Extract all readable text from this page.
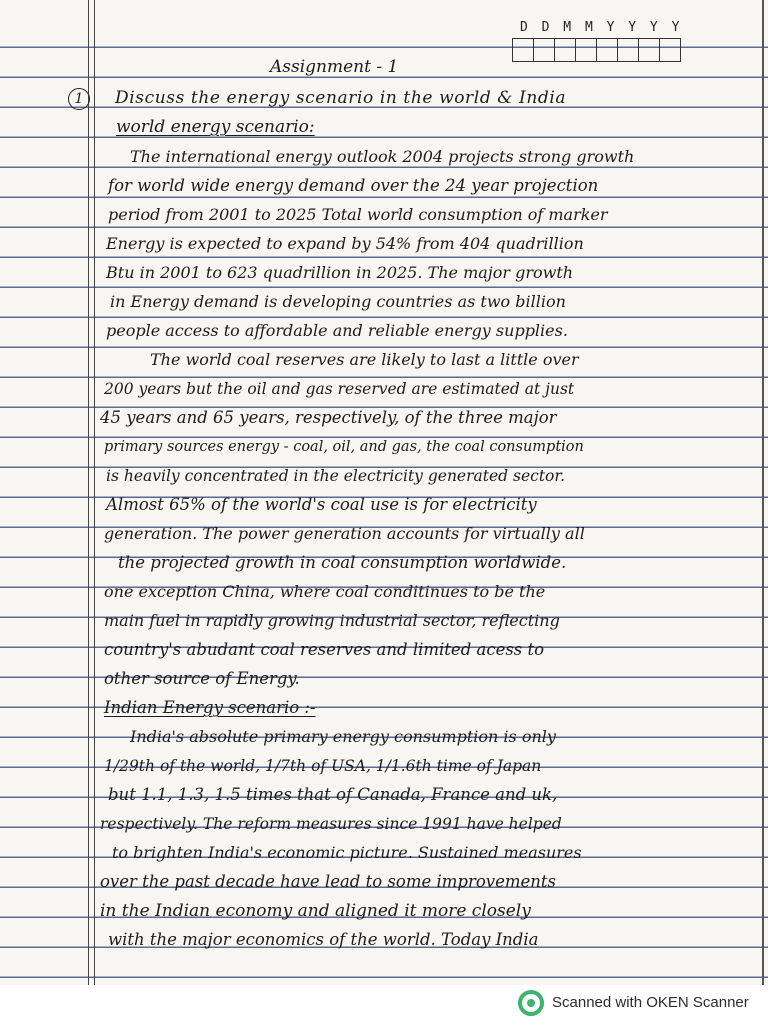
D D M M Y Y Y Y
Assignment - 1
1	Discuss the energy scenario in the world & India
world energy scenario:
The international energy outlook 2004 projects strong growth
for world wide energy demand over the 24 year projection
period from 2001 to 2025 Total world consumption of marker
Energy is expected to expand by 54% from 404 quadrillion
Btu in 2001 to 623 quadrillion in 2025. The major growth
in Energy demand is developing countries as two billion
people access to affordable and reliable energy supplies.
The world coal reserves are likely to last a little over
200 years but the oil and gas reserved are estimated at just
45 years and 65 years, respectively, of the three major
primary sources energy - coal, oil, and gas, the coal consumption
is heavily concentrated in the electricity generated sector.
Almost 65% of the world's coal use is for electricity
generation. The power generation accounts for virtually all
the projected growth in coal consumption worldwide.
one exception China, where coal conditinues to be the
main fuel in rapidly growing industrial sector, reflecting
country's abudant coal reserves and limited acess to
other source of Energy.
Indian Energy scenario :-
India's absolute primary energy consumption is only
1/29th of the world, 1/7th of USA, 1/1.6th time of Japan
but 1.1, 1.3, 1.5 times that of Canada, France and uk,
respectively. The reform measures since 1991 have helped
to brighten India's economic picture. Sustained measures
over the past decade have lead to some improvements
in the Indian economy and aligned it more closely
with the major economics of the world. Today India
Scanned with OKEN Scanner
